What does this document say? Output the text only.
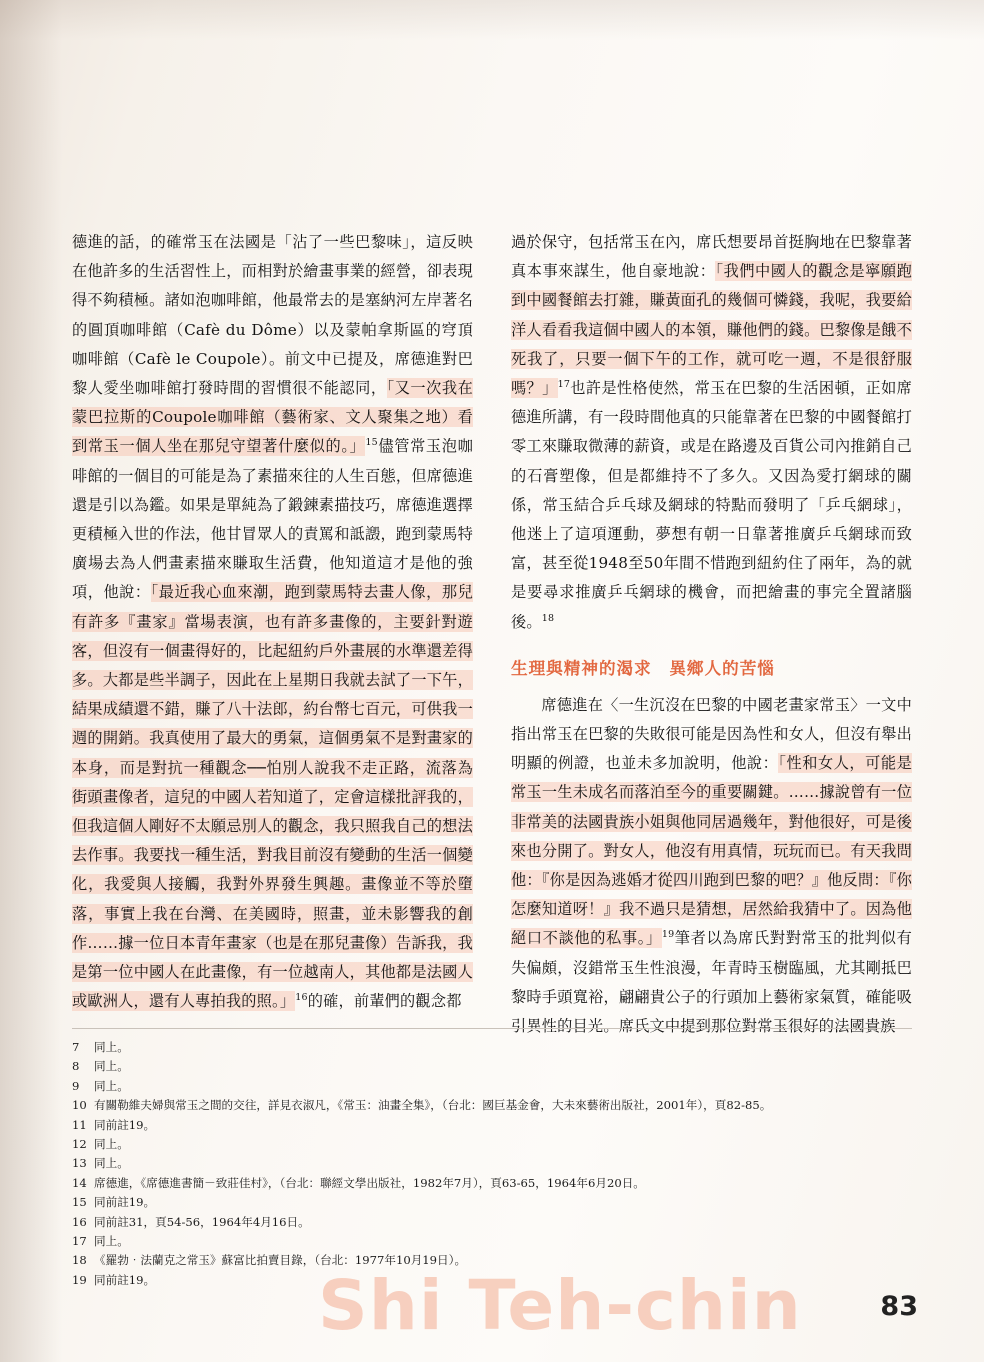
德進的話，的確常玉在法國是「沾了一些巴黎味」，這反映在他許多的生活習性上，而相對於繪畫事業的經營，卻表現得不夠積極。諸如泡咖啡館，他最常去的是塞納河左岸著名的圓頂咖啡館（Cafè du Dôme）以及蒙帕拿斯區的穹頂咖啡館（Cafè le Coupole）。前文中已提及，席德進對巴黎人愛坐咖啡館打發時間的習慣很不能認同，「又一次我在蒙巴拉斯的Coupole咖啡館（藝術家、文人聚集之地）看到常玉一個人坐在那兒守望著什麼似的。」$^{15}$儘管常玉泡咖啡館的一個目的可能是為了素描來往的人生百態，但席德進還是引以為鑑。如果是單純為了鍛鍊素描技巧，席德進選擇更積極入世的作法，他甘冒眾人的責罵和詆譭，跑到蒙馬特廣場去為人們畫素描來賺取生活費，他知道這才是他的強項，他說：「最近我心血來潮，跑到蒙馬特去畫人像，那兒有許多『畫家』當場表演，也有許多畫像的，主要針對遊客，但沒有一個畫得好的，比起紐約戶外畫展的水準還差得多。大都是些半調子，因此在上星期日我就去試了一下午，結果成績還不錯，賺了八十法郎，約台幣七百元，可供我一週的開銷。我真使用了最大的勇氣，這個勇氣不是對畫家的本身，而是對抗一種觀念──怕別人說我不走正路，流落為街頭畫像者，這兒的中國人若知道了，定會這樣批評我的，但我這個人剛好不太願忌別人的觀念，我只照我自己的想法去作事。我要找一種生活，對我目前沒有變動的生活一個變化，我愛與人接觸，我對外界發生興趣。畫像並不等於墮落，事實上我在台灣、在美國時，照畫，並未影響我的創作……據一位日本青年畫家（也是在那兒畫像）告訴我，我是第一位中國人在此畫像，有一位越南人，其他都是法國人或歐洲人，還有人專拍我的照。」$^{16}$的確，前輩們的觀念都

過於保守，包括常玉在內，席氏想要昂首挺胸地在巴黎靠著真本事來謀生，他自豪地說：「我們中國人的觀念是寧願跑到中國餐館去打雜，賺黃面孔的幾個可憐錢，我呢，我要給洋人看看我這個中國人的本領，賺他們的錢。巴黎像是餓不死我了，只要一個下午的工作，就可吃一週，不是很舒服嗎？」$^{17}$也許是性格使然，常玉在巴黎的生活困頓，正如席德進所講，有一段時間他真的只能靠著在巴黎的中國餐館打零工來賺取微薄的薪資，或是在路邊及百貨公司內推銷自己的石膏塑像，但是都維持不了多久。又因為愛打網球的關係，常玉結合乒乓球及網球的特點而發明了「乒乓網球」，他迷上了這項運動，夢想有朝一日靠著推廣乒乓網球而致富，甚至從1948至50年間不惜跑到紐約住了兩年，為的就是要尋求推廣乒乓網球的機會，而把繪畫的事完全置諸腦後。$^{18}$

生理與精神的渴求　異鄉人的苦惱

席德進在〈一生沉沒在巴黎的中國老畫家常玉〉一文中指出常玉在巴黎的失敗很可能是因為性和女人，但沒有舉出明顯的例證，也並未多加說明，他說：「性和女人，可能是常玉一生未成名而落泊至今的重要關鍵。……據說曾有一位非常美的法國貴族小姐與他同居過幾年，對他很好，可是後來也分開了。對女人，他沒有用真情，玩玩而已。有天我問他：『你是因為逃婚才從四川跑到巴黎的吧？』他反問：『你怎麼知道呀！』我不過只是猜想，居然給我猜中了。因為他絕口不談他的私事。」$^{19}$筆者以為席氏對對常玉的批判似有失偏頗，沒錯常玉生性浪漫，年青時玉樹臨風，尤其剛抵巴黎時手頭寬裕，翩翩貴公子的行頭加上藝術家氣質，確能吸引異性的目光。席氏文中提到那位對常玉很好的法國貴族

7	同上。
8	同上。
9	同上。
10 有關勒維夫婦與常玉之間的交往，詳見衣淑凡，《常玉：油畫全集》，（台北：國巨基金會，大未來藝術出版社，2001年），頁82-85。
11 同前註19。
12 同上。
13 同上。
14 席德進，《席德進書簡－致莊佳村》，（台北：聯經文學出版社，1982年7月），頁63-65，1964年6月20日。
15 同前註19。
16 同前註31，頁54-56，1964年4月16日。
17 同上。
18 《羅勃‧法蘭克之常玉》蘇富比拍賣目錄，（台北：1977年10月19日）。
19 同前註19。	Shi Teh-chin	83
